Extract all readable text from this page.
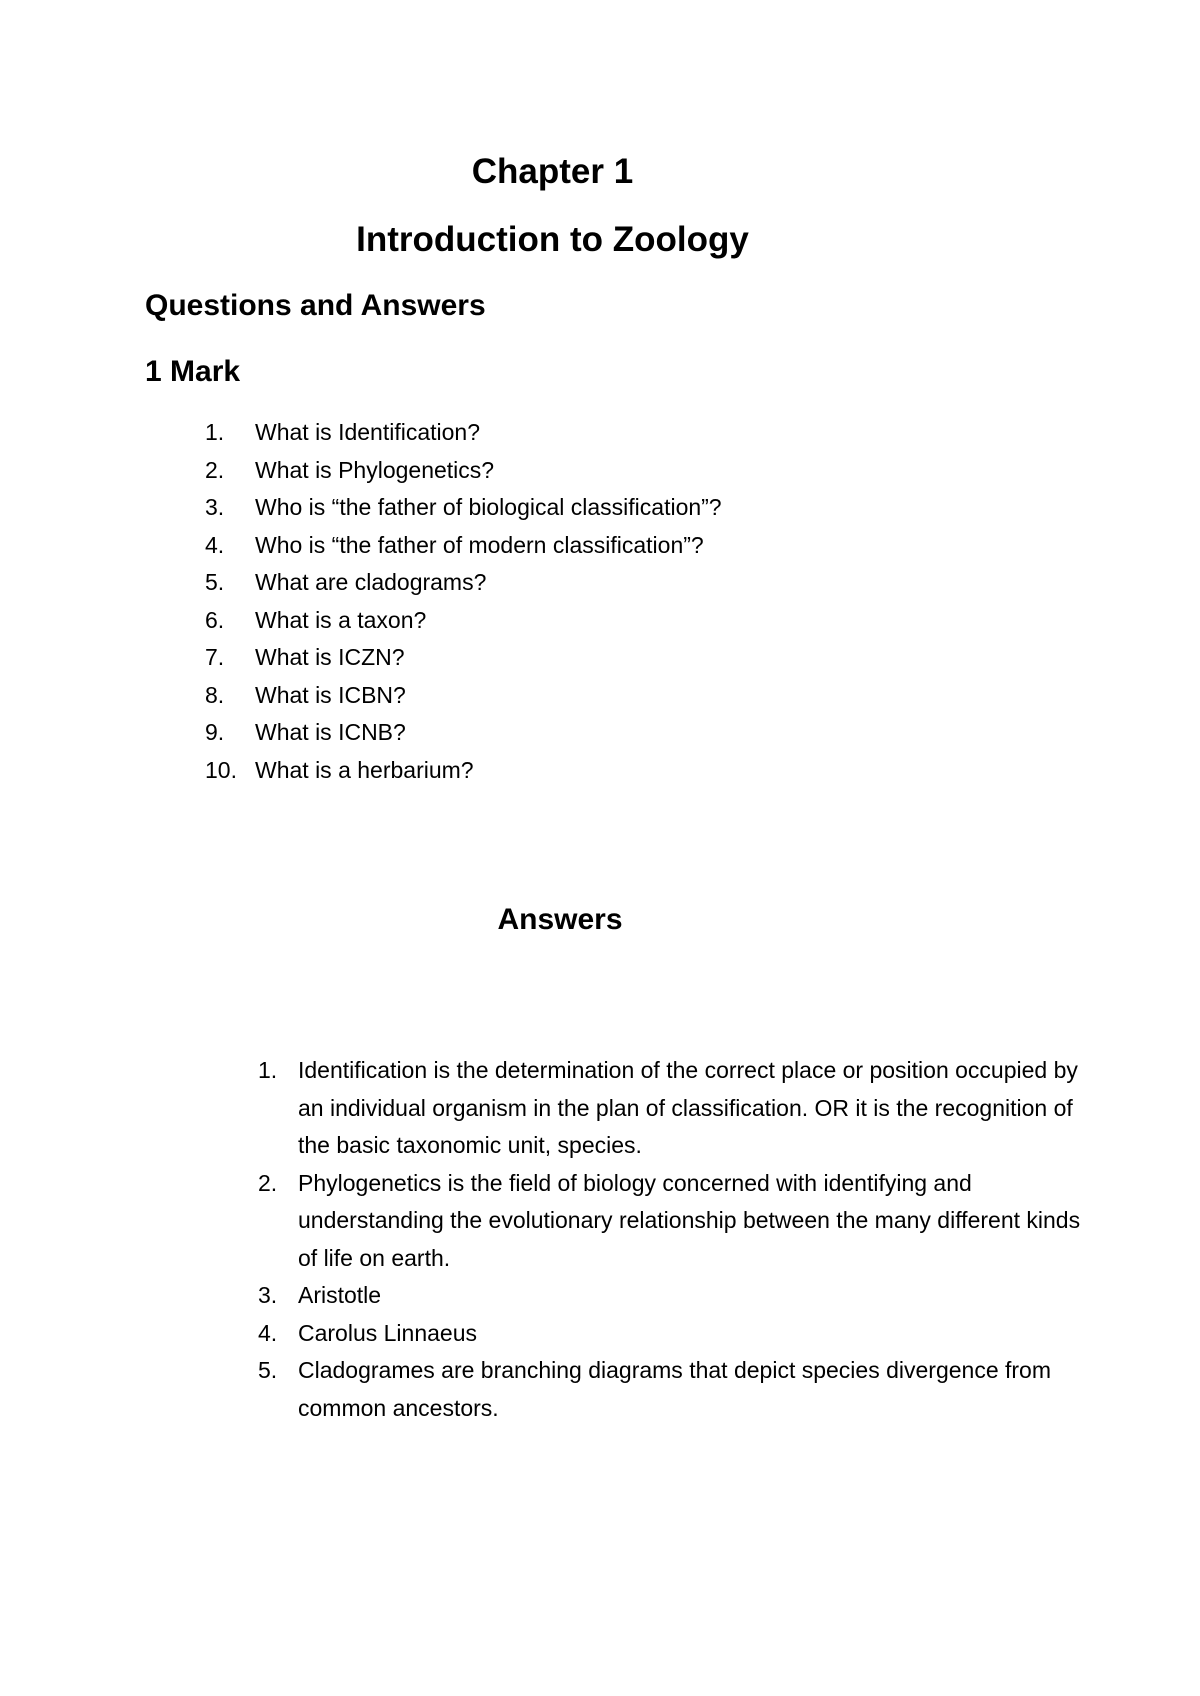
Chapter 1
Introduction to Zoology
Questions and Answers
1 Mark
1. What is Identification?
2. What is Phylogenetics?
3. Who is “the father of biological classification”?
4. Who is “the father of modern classification”?
5. What are cladograms?
6. What is a taxon?
7. What is ICZN?
8. What is ICBN?
9. What is ICNB?
10. What is a herbarium?
Answers
1. Identification is the determination of the correct place or position occupied by an individual organism in the plan of classification. OR it is the recognition of the basic taxonomic unit, species.
2. Phylogenetics is the field of biology concerned with identifying and understanding the evolutionary relationship between the many different kinds of life on earth.
3. Aristotle
4. Carolus Linnaeus
5. Cladogrames are branching diagrams that depict species divergence from common ancestors.
